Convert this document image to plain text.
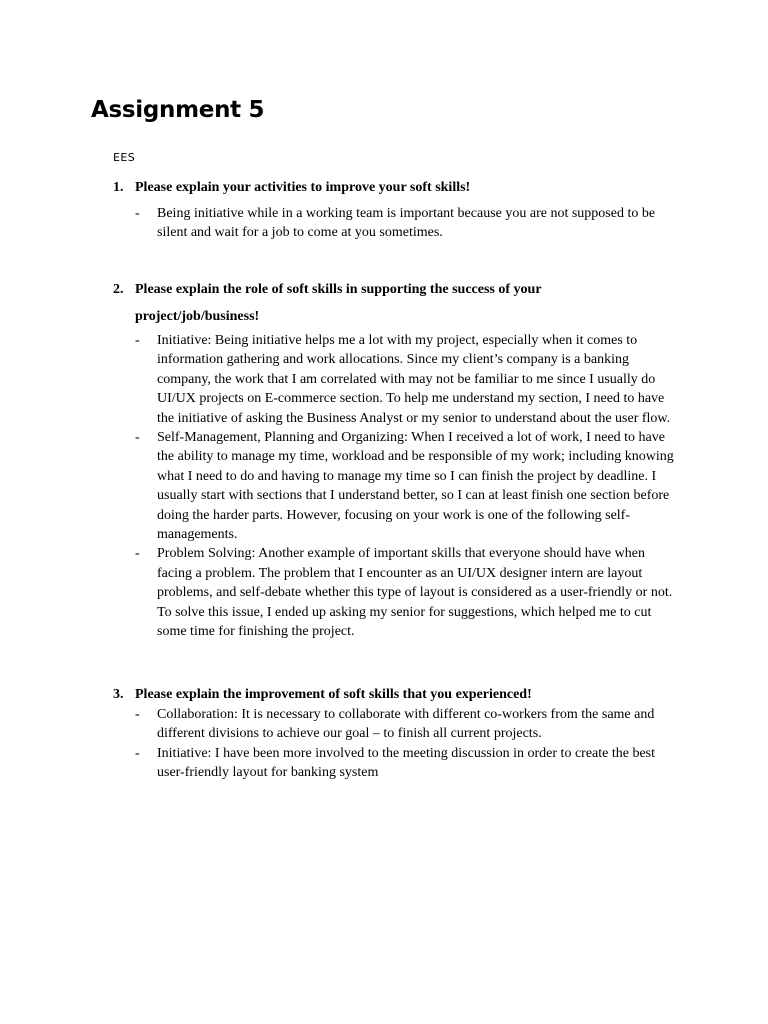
Assignment 5

EES

1. Please explain your activities to improve your soft skills!
- Being initiative while in a working team is important because you are not supposed to be silent and wait for a job to come at you sometimes.
2. Please explain the role of soft skills in supporting the success of your
project/job/business!
- Initiative: Being initiative helps me a lot with my project, especially when it comes to information gathering and work allocations. Since my client’s company is a banking company, the work that I am correlated with may not be familiar to me since I usually do UI/UX projects on E-commerce section. To help me understand my section, I need to have the initiative of asking the Business Analyst or my senior to understand about the user flow.
- Self-Management, Planning and Organizing: When I received a lot of work, I need to have the ability to manage my time, workload and be responsible of my work; including knowing what I need to do and having to manage my time so I can finish the project by deadline. I usually start with sections that I understand better, so I can at least finish one section before doing the harder parts. However, focusing on your work is one of the following self-managements.
- Problem Solving: Another example of important skills that everyone should have when facing a problem. The problem that I encounter as an UI/UX designer intern are layout problems, and self-debate whether this type of layout is considered as a user-friendly or not. To solve this issue, I ended up asking my senior for suggestions, which helped me to cut some time for finishing the project.
3. Please explain the improvement of soft skills that you experienced!
- Collaboration: It is necessary to collaborate with different co-workers from the same and different divisions to achieve our goal – to finish all current projects.
- Initiative: I have been more involved to the meeting discussion in order to create the best user-friendly layout for banking system
